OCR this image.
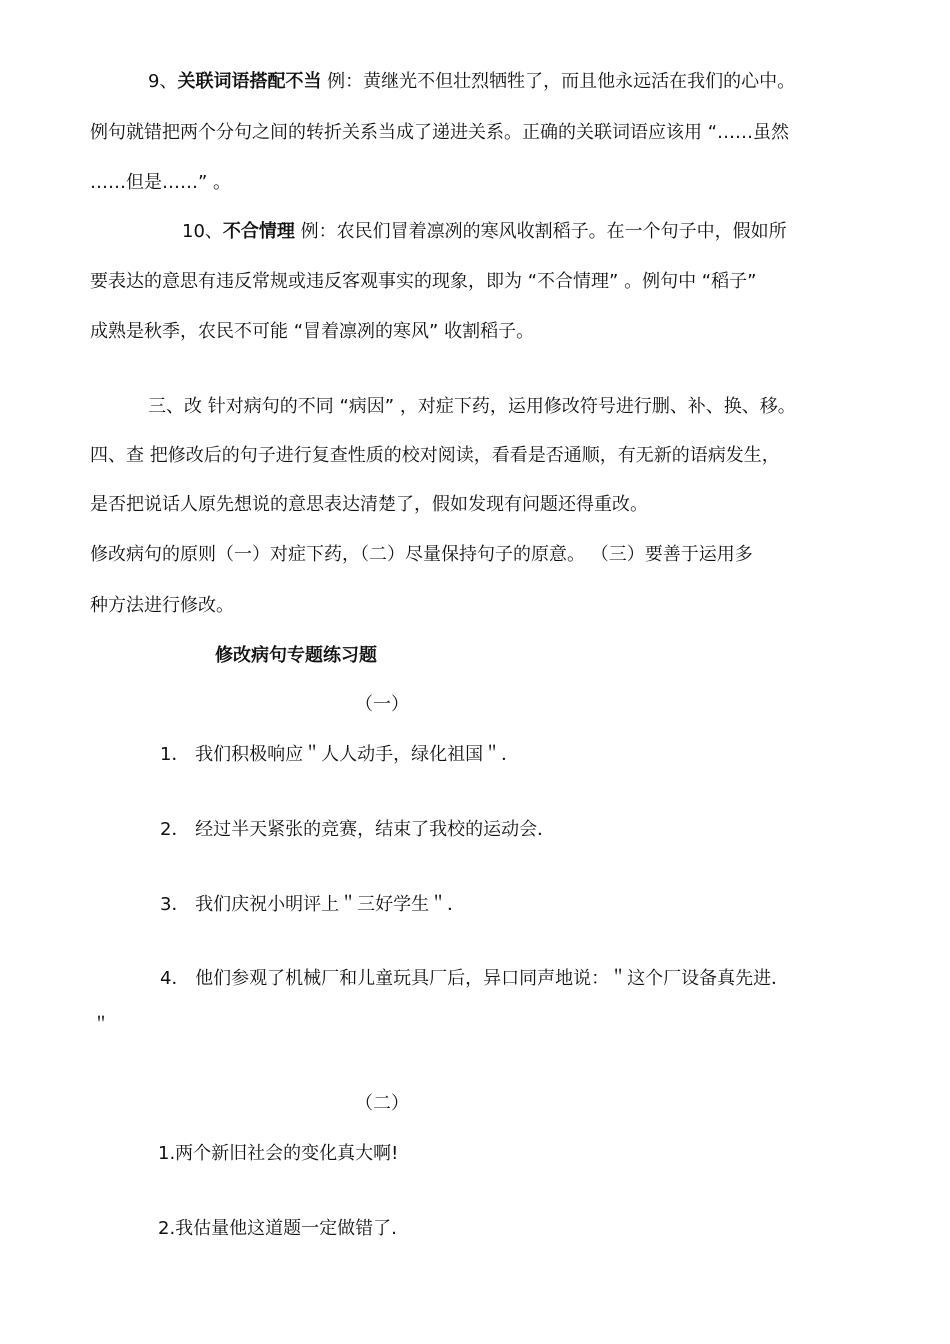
9、关联词语搭配不当 例：黄继光不但壮烈牺牲了，而且他永远活在我们的心中。
例句就错把两个分句之间的转折关系当成了递进关系。正确的关联词语应该用 “……虽然
……但是……” 。
10、不合情理 例：农民们冒着凛冽的寒风收割稻子。在一个句子中，假如所
要表达的意思有违反常规或违反客观事实的现象，即为 “不合情理” 。例句中 “稻子”
成熟是秋季，农民不可能 “冒着凛冽的寒风” 收割稻子。
三、改 针对病句的不同 “病因” ，对症下药，运用修改符号进行删、补、换、移。
四、查 把修改后的句子进行复查性质的校对阅读，看看是否通顺，有无新的语病发生，
是否把说话人原先想说的意思表达清楚了，假如发现有问题还得重改。
修改病句的原则（一）对症下药，（二）尽量保持句子的原意。 （三）要善于运用多
种方法进行修改。
修改病句专题练习题
（一）
1． 我们积极响应＂人人动手，绿化祖国＂．
2． 经过半天紧张的竞赛，结束了我校的运动会．
3． 我们庆祝小明评上＂三好学生＂．
4． 他们参观了机械厂和儿童玩具厂后，异口同声地说：＂这个厂设备真先进．
＂
（二）
1.两个新旧社会的变化真大啊!
2.我估量他这道题一定做错了.
